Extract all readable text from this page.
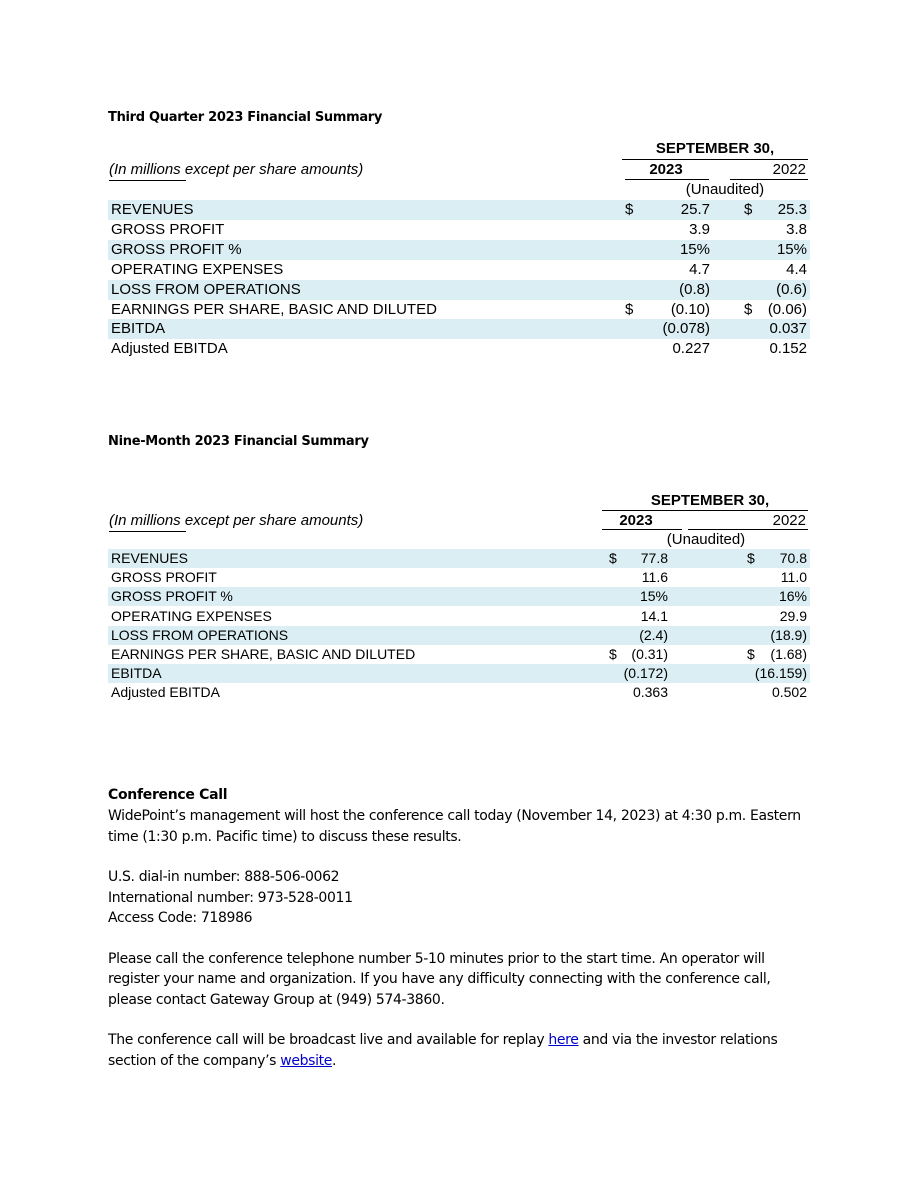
Third Quarter 2023 Financial Summary
SEPTEMBER 30,
(In millions except per share amounts)	2023	2022
(Unaudited)
REVENUES	$	25.7 $	25.3
GROSS PROFIT	3.9	3.8
GROSS PROFIT %	15%	15%
OPERATING EXPENSES	4.7	4.4
LOSS FROM OPERATIONS	(0.8)	(0.6)
EARNINGS PER SHARE, BASIC AND DILUTED	$	(0.10) $	(0.06)
EBITDA	(0.078)	0.037
Adjusted EBITDA	0.227	0.152
Nine-Month 2023 Financial Summary
SEPTEMBER 30,
(In millions except per share amounts)	2023	2022
(Unaudited)
REVENUES	$	77.8	$	70.8
GROSS PROFIT	11.6	11.0
GROSS PROFIT %	15%	16%
OPERATING EXPENSES	14.1	29.9
LOSS FROM OPERATIONS	(2.4)	(18.9)
EARNINGS PER SHARE, BASIC AND DILUTED	$	(0.31)	$	(1.68)
EBITDA	(0.172)	(16.159)
Adjusted EBITDA	0.363	0.502
Conference Call

WidePoint’s management will host the conference call today (November 14, 2023) at 4:30 p.m. Eastern time (1:30 p.m. Pacific time) to discuss these results.

U.S. dial-in number: 888-506-0062

International number: 973-528-0011

Access Code: 718986

Please call the conference telephone number 5-10 minutes prior to the start time. An operator will register your name and organization. If you have any difficulty connecting with the conference call, please contact Gateway Group at (949) 574-3860.

The conference call will be broadcast live and available for replay here and via the investor relations section of the company’s website.
